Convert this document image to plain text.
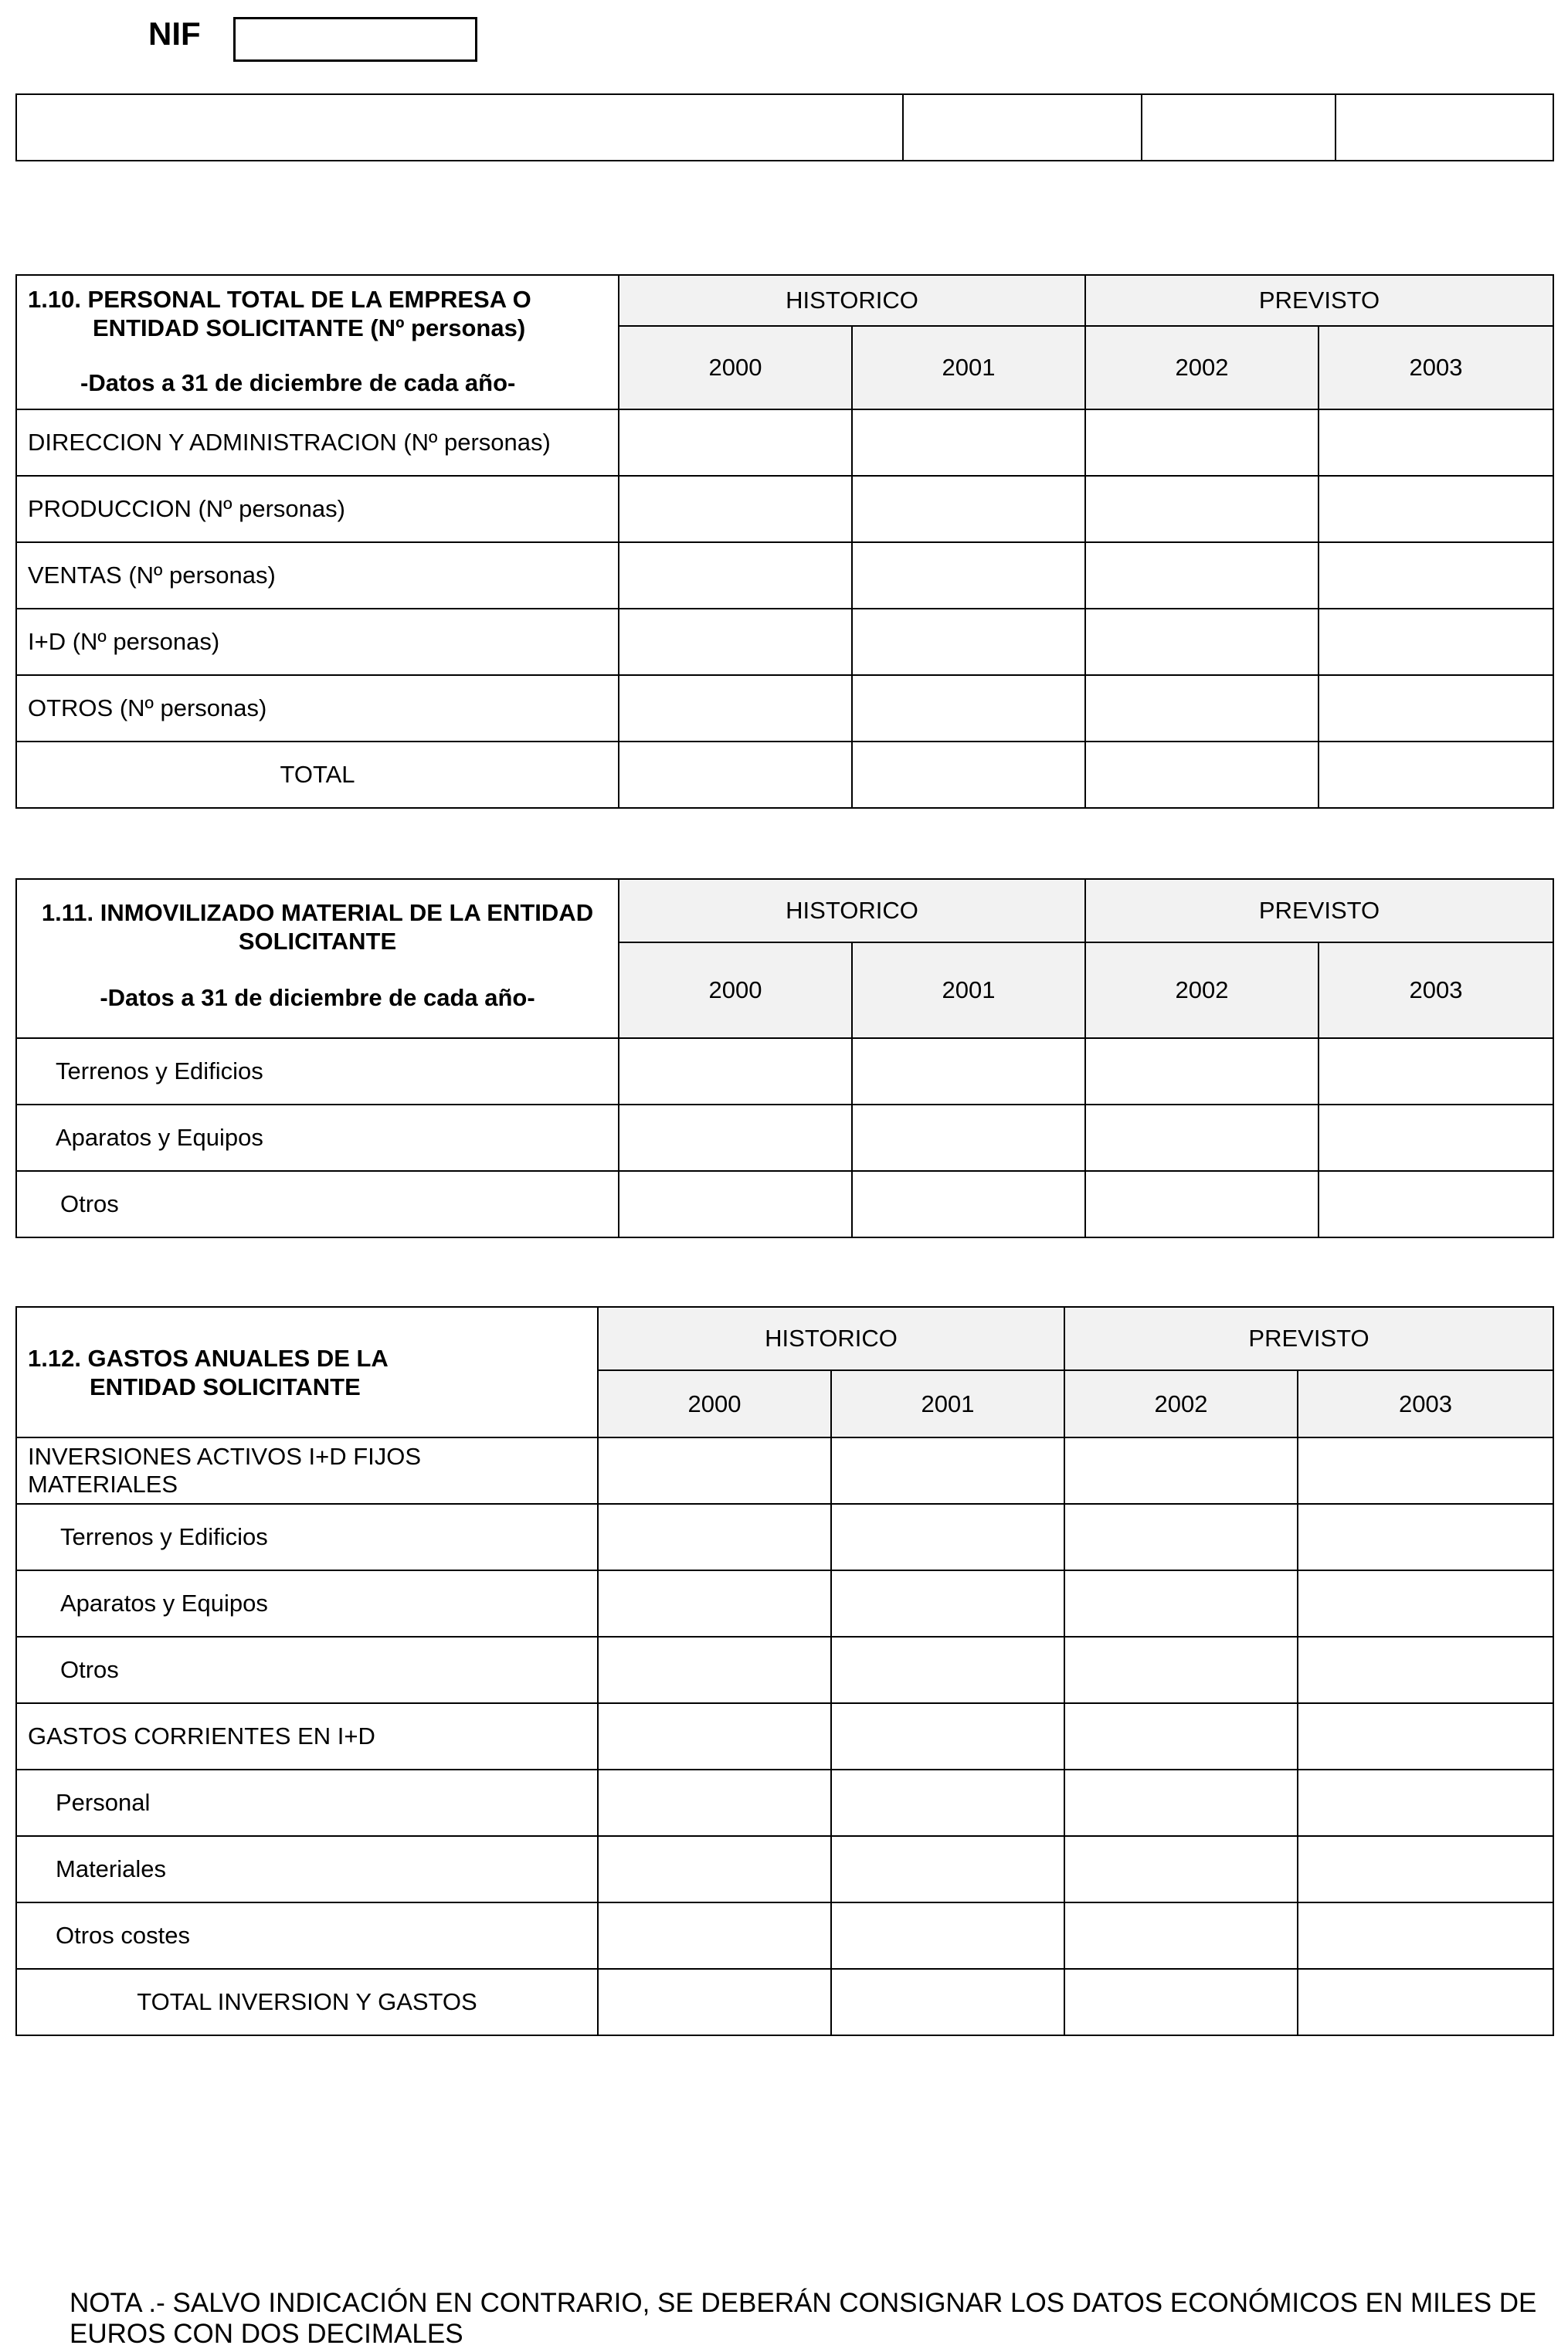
NIF

1.10. PERSONAL TOTAL DE LA EMPRESA O
ENTIDAD SOLICITANTE (Nº personas)
-Datos a 31 de diciembre de cada año-	HISTORICO		PREVISTO	
	2000	2001	2002	2003
DIRECCION Y ADMINISTRACION (Nº personas)				
PRODUCCION (Nº personas)				
VENTAS (Nº personas)				
I+D (Nº personas)				
OTROS (Nº personas)				
TOTAL				
1.11. INMOVILIZADO MATERIAL DE LA ENTIDAD
SOLICITANTE
-Datos a 31 de diciembre de cada año-	HISTORICO		PREVISTO	
	2000	2001	2002	2003
Terrenos y Edificios				
Aparatos y Equipos				
Otros				
1.12. GASTOS ANUALES DE LA
ENTIDAD SOLICITANTE	HISTORICO		PREVISTO	
	2000	2001	2002	2003
INVERSIONES ACTIVOS I+D FIJOS MATERIALES				
Terrenos y Edificios				
Aparatos y Equipos				
Otros				
GASTOS CORRIENTES EN I+D				
Personal				
Materiales				
Otros costes				
TOTAL INVERSION Y GASTOS				
NOTA .- SALVO INDICACIÓN EN CONTRARIO, SE DEBERÁN CONSIGNAR LOS DATOS ECONÓMICOS EN MILES DE EUROS CON DOS DECIMALES
